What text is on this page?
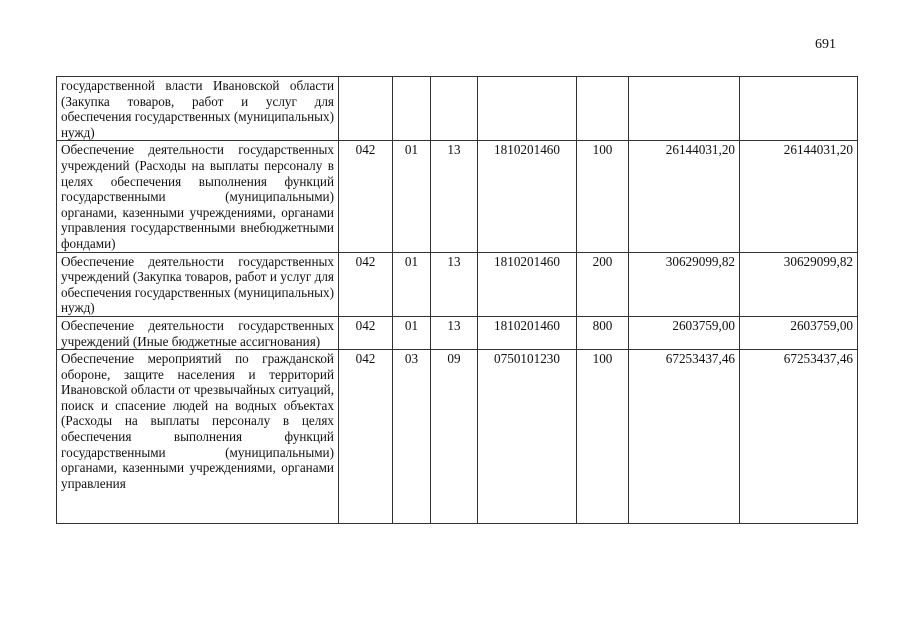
691
государственной власти Ивановской области (Закупка товаров, работ и услуг для обеспечения государственных (муниципальных) нужд)							
Обеспечение деятельности государственных учреждений (Расходы на выплаты персоналу в целях обеспечения выполнения функций государственными (муниципальными) органами, казенными учреждениями, органами управления государственными внебюджетными фондами)	042	01	13	1810201460	100	26144031,20	26144031,20
Обеспечение деятельности государственных учреждений (Закупка товаров, работ и услуг для обеспечения государственных (муниципальных) нужд)	042	01	13	1810201460	200	30629099,82	30629099,82
Обеспечение деятельности государственных учреждений (Иные бюджетные ассигнования)	042	01	13	1810201460	800	2603759,00	2603759,00
Обеспечение мероприятий по гражданской обороне, защите населения и территорий Ивановской области от чрезвычайных ситуаций, поиск и спасение людей на водных объектах (Расходы на выплаты персоналу в целях обеспечения выполнения функций государственными (муниципальными) органами, казенными учреждениями, органами управления	042	03	09	0750101230	100	67253437,46	67253437,46
